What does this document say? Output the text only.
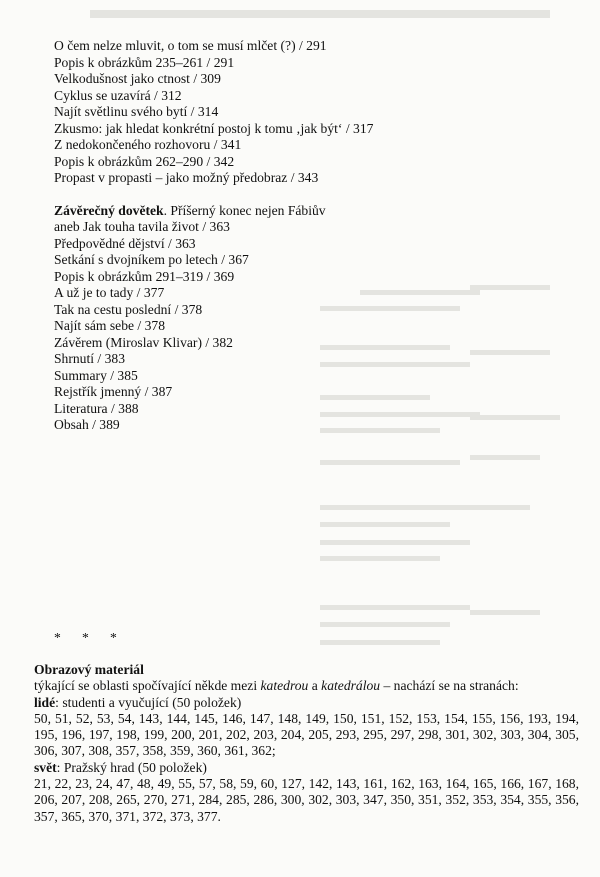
O čem nelze mluvit, o tom se musí mlčet (?) / 291
Popis k obrázkům 235–261 / 291
Velkodušnost jako ctnost / 309
Cyklus se uzavírá / 312
Najít světlinu svého bytí / 314
Zkusmo: jak hledat konkrétní postoj k tomu ‚jak být‘ / 317
Z nedokončeného rozhovoru / 341
Popis k obrázkům 262–290 / 342
Propast v propasti – jako možný předobraz / 343
Závěrečný dovětek. Příšerný konec nejen Fábiův
aneb Jak touha tavila život / 363
Předpovědné dějství / 363
Setkání s dvojníkem po letech / 367
Popis k obrázkům 291–319 / 369
A už je to tady / 377
Tak na cestu poslední / 378
Najít sám sebe / 378
Závěrem (Miroslav Klivar) / 382
Shrnutí / 383
Summary / 385
Rejstřík jmenný / 387
Literatura / 388
Obsah / 389
* * *
Obrazový materiál
týkající se oblasti spočívající někde mezi katedrou a katedrálou – nachází se na stranách:
lidé: studenti a vyučující (50 položek)
50, 51, 52, 53, 54, 143, 144, 145, 146, 147, 148, 149, 150, 151, 152, 153, 154, 155, 156, 193, 194, 195, 196, 197, 198, 199, 200, 201, 202, 203, 204, 205, 293, 295, 297, 298, 301, 302, 303, 304, 305, 306, 307, 308, 357, 358, 359, 360, 361, 362;
svět: Pražský hrad (50 položek)
21, 22, 23, 24, 47, 48, 49, 55, 57, 58, 59, 60, 127, 142, 143, 161, 162, 163, 164, 165, 166, 167, 168, 206, 207, 208, 265, 270, 271, 284, 285, 286, 300, 302, 303, 347, 350, 351, 352, 353, 354, 355, 356, 357, 365, 370, 371, 372, 373, 377.
